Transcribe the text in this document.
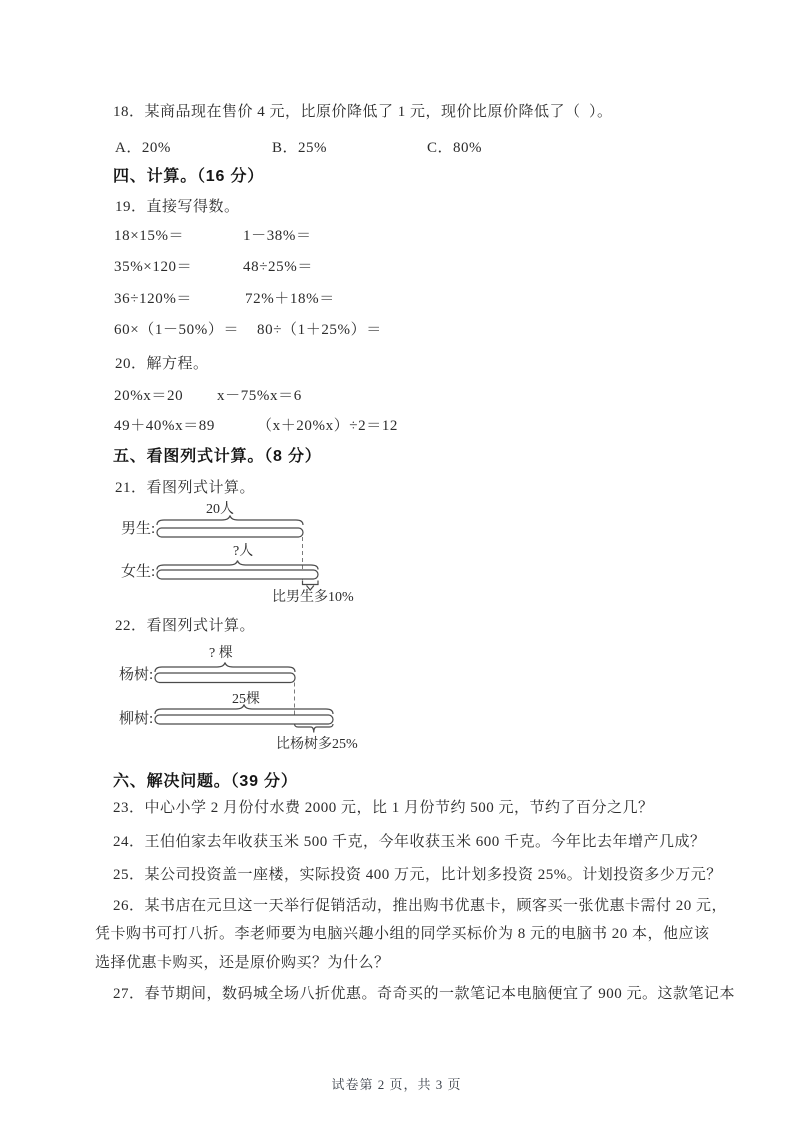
18．某商品现在售价 4 元，比原价降低了 1 元，现价比原价降低了（  ）。
A．20%	B．25%	C．80%
四、计算。（16 分）
19．直接写得数。
18×15%＝	1－38%＝
35%×120＝	48÷25%＝
36÷120%＝	72%＋18%＝
60×（1－50%）＝ 80÷（1＋25%）＝
20．解方程。
20%x＝20 x－75%x＝6
49＋40%x＝89	（x＋20%x）÷2＝12
五、看图列式计算。（8 分）
21．看图列式计算。
20人
男生:
?人
女生:
比男生多10%
22．看图列式计算。
? 棵
杨树:
25棵
柳树:
比杨树多25%
六、解决问题。（39 分）
23．中心小学 2 月份付水费 2000 元，比 1 月份节约 500 元，节约了百分之几？
24．王伯伯家去年收获玉米 500 千克，今年收获玉米 600 千克。今年比去年增产几成？
25．某公司投资盖一座楼，实际投资 400 万元，比计划多投资 25%。计划投资多少万元？
26．某书店在元旦这一天举行促销活动，推出购书优惠卡，顾客买一张优惠卡需付 20 元，
凭卡购书可打八折。李老师要为电脑兴趣小组的同学买标价为 8 元的电脑书 20 本，他应该
选择优惠卡购买，还是原价购买？为什么？
27．春节期间，数码城全场八折优惠。奇奇买的一款笔记本电脑便宜了 900 元。这款笔记本
试卷第 2 页，共 3 页
